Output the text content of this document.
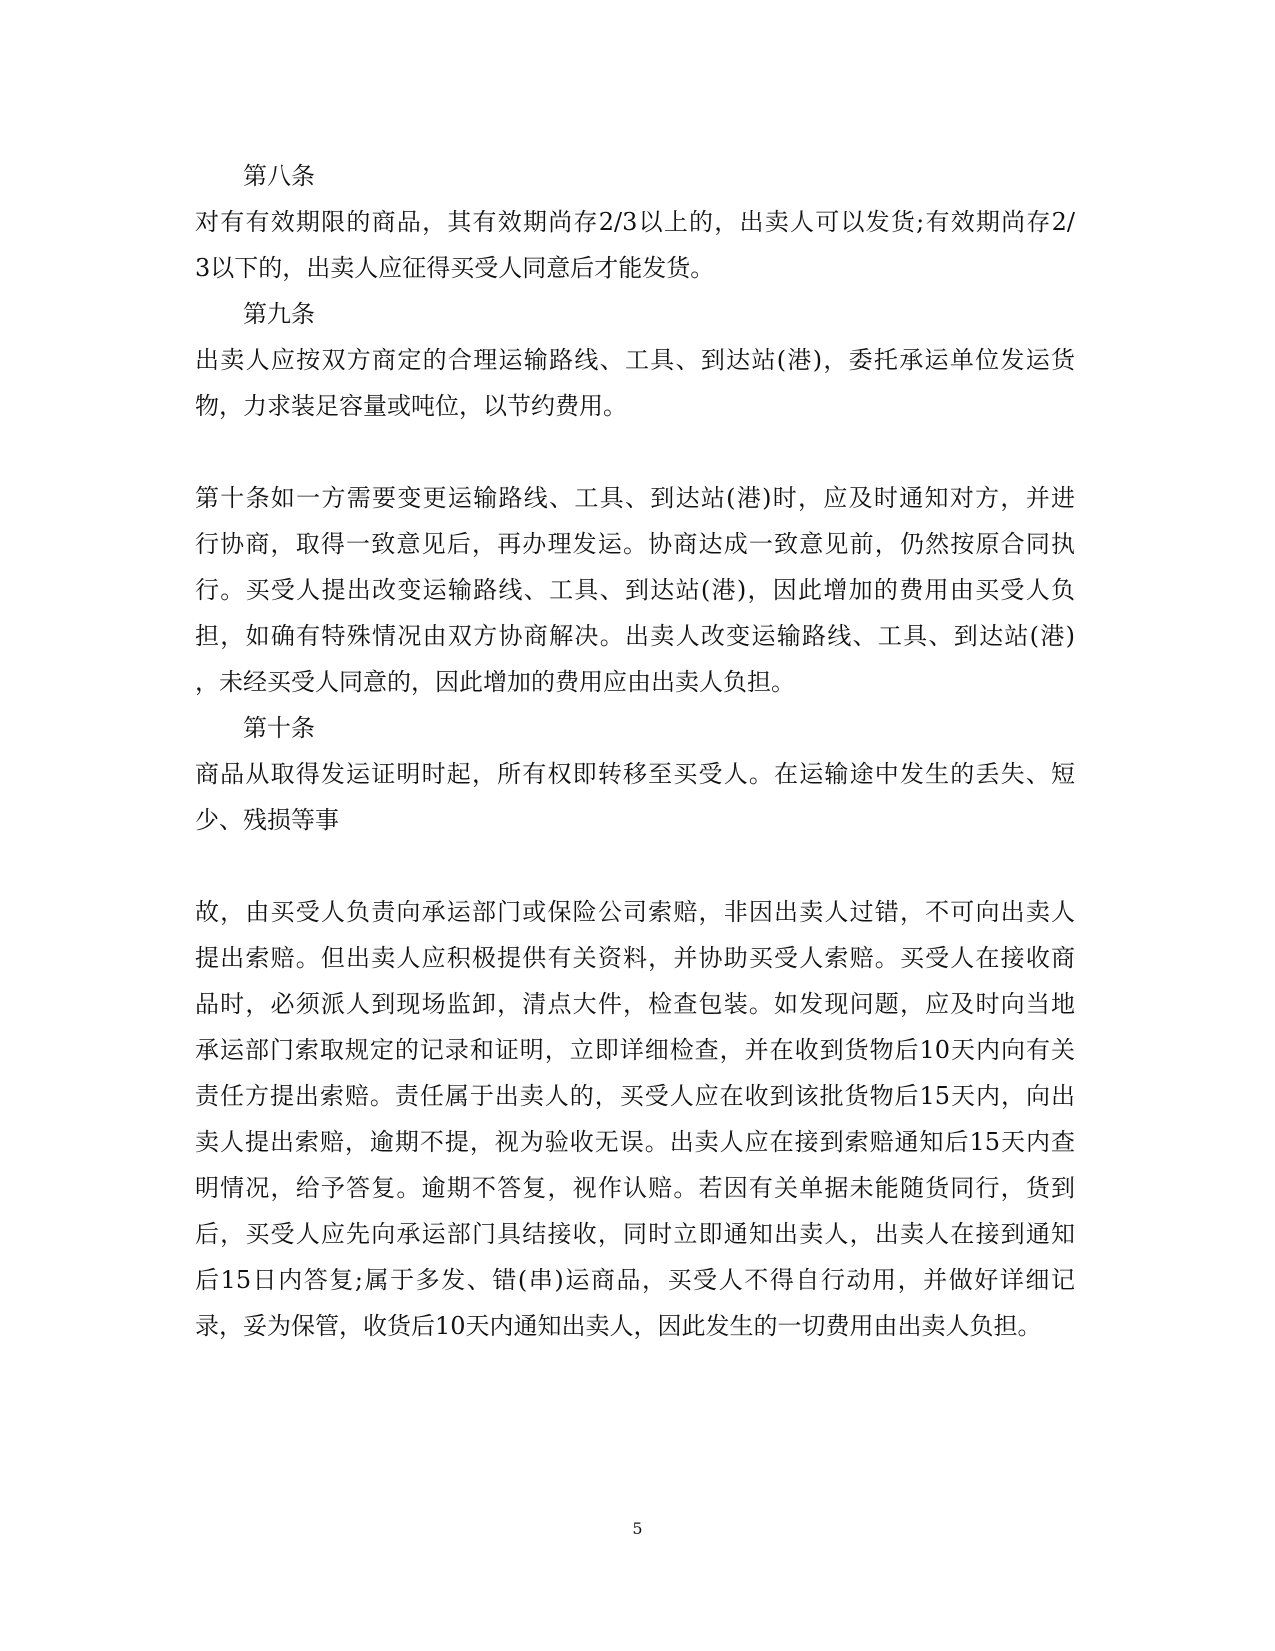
第八条
对有有效期限的商品，其有效期尚存2/3以上的，出卖人可以发货;有效期尚存2/
3以下的，出卖人应征得买受人同意后才能发货。
第九条
出卖人应按双方商定的合理运输路线、工具、到达站(港)，委托承运单位发运货
物，力求装足容量或吨位，以节约费用。
第十条如一方需要变更运输路线、工具、到达站(港)时，应及时通知对方，并进
行协商，取得一致意见后，再办理发运。协商达成一致意见前，仍然按原合同执
行。买受人提出改变运输路线、工具、到达站(港)，因此增加的费用由买受人负
担，如确有特殊情况由双方协商解决。出卖人改变运输路线、工具、到达站(港)
，未经买受人同意的，因此增加的费用应由出卖人负担。
第十条
商品从取得发运证明时起，所有权即转移至买受人。在运输途中发生的丢失、短
少、残损等事
故，由买受人负责向承运部门或保险公司索赔，非因出卖人过错，不可向出卖人
提出索赔。但出卖人应积极提供有关资料，并协助买受人索赔。买受人在接收商
品时，必须派人到现场监卸，清点大件，检查包装。如发现问题，应及时向当地
承运部门索取规定的记录和证明，立即详细检查，并在收到货物后10天内向有关
责任方提出索赔。责任属于出卖人的，买受人应在收到该批货物后15天内，向出
卖人提出索赔，逾期不提，视为验收无误。出卖人应在接到索赔通知后15天内查
明情况，给予答复。逾期不答复，视作认赔。若因有关单据未能随货同行，货到
后，买受人应先向承运部门具结接收，同时立即通知出卖人，出卖人在接到通知
后15日内答复;属于多发、错(串)运商品，买受人不得自行动用，并做好详细记
录，妥为保管，收货后10天内通知出卖人，因此发生的一切费用由出卖人负担。
5
